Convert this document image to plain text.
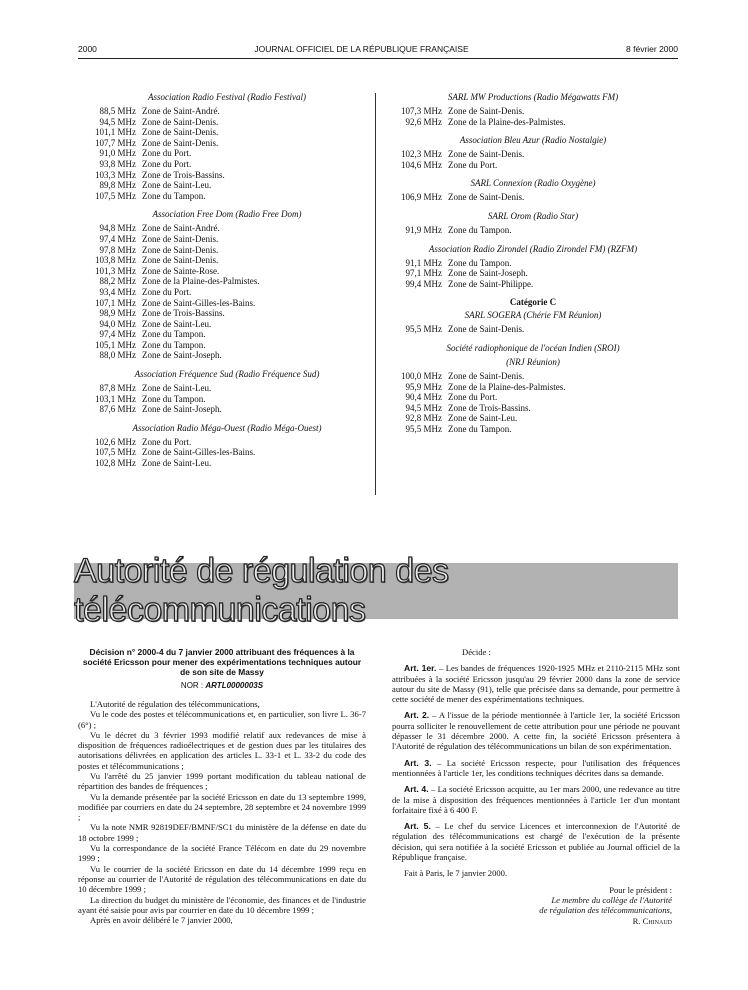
2000	JOURNAL OFFICIEL DE LA RÉPUBLIQUE FRANÇAISE	8 février 2000
Association Radio Festival (Radio Festival)
88,5 MHz Zone de Saint-André.
94,5 MHz Zone de Saint-Denis.
101,1 MHz Zone de Saint-Denis.
107,7 MHz Zone de Saint-Denis.
91,0 MHz Zone du Port.
93,8 MHz Zone du Port.
103,3 MHz Zone de Trois-Bassins.
89,8 MHz Zone de Saint-Leu.
107,5 MHz Zone du Tampon.
Association Free Dom (Radio Free Dom)
94,8 MHz Zone de Saint-André.
97,4 MHz Zone de Saint-Denis.
97,8 MHz Zone de Saint-Denis.
103,8 MHz Zone de Saint-Denis.
101,3 MHz Zone de Sainte-Rose.
88,2 MHz Zone de la Plaine-des-Palmistes.
93,4 MHz Zone du Port.
107,1 MHz Zone de Saint-Gilles-les-Bains.
98,9 MHz Zone de Trois-Bassins.
94,0 MHz Zone de Saint-Leu.
97,4 MHz Zone du Tampon.
105,1 MHz Zone du Tampon.
88,0 MHz Zone de Saint-Joseph.
Association Fréquence Sud (Radio Fréquence Sud)
87,8 MHz Zone de Saint-Leu.
103,1 MHz Zone du Tampon.
87,6 MHz Zone de Saint-Joseph.
Association Radio Méga-Ouest (Radio Méga-Ouest)
102,6 MHz Zone du Port.
107,5 MHz Zone de Saint-Gilles-les-Bains.
102,8 MHz Zone de Saint-Leu.
SARL MW Productions (Radio Mégawatts FM)
107,3 MHz Zone de Saint-Denis.
92,6 MHz Zone de la Plaine-des-Palmistes.
Association Bleu Azur (Radio Nostalgie)
102,3 MHz Zone de Saint-Denis.
104,6 MHz Zone du Port.
SARL Connexion (Radio Oxygène)
106,9 MHz Zone de Saint-Denis.
SARL Orom (Radio Star)
91,9 MHz Zone du Tampon.
Association Radio Zirondel (Radio Zirondel FM) (RZFM)
91,1 MHz Zone du Tampon.
97,1 MHz Zone de Saint-Joseph.
99,4 MHz Zone de Saint-Philippe.
Catégorie C
SARL SOGERA (Chérie FM Réunion)
95,5 MHz Zone de Saint-Denis.
Société radiophonique de l'océan Indien (SROI)
(NRJ Réunion)
100,0 MHz Zone de Saint-Denis.
95,9 MHz Zone de la Plaine-des-Palmistes.
90,4 MHz Zone du Port.
94,5 MHz Zone de Trois-Bassins.
92,8 MHz Zone de Saint-Leu.
95,5 MHz Zone du Tampon.
Autorité de régulation des télécommunications
Décision n° 2000-4 du 7 janvier 2000 attribuant des fréquences à la société Ericsson pour mener des expérimentations techniques autour de son site de Massy
NOR : ARTL0000003S

L'Autorité de régulation des télécommunications,

Vu le code des postes et télécommunications et, en particulier, son livre L. 36-7 (6°) ;

Vu le décret du 3 février 1993 modifié relatif aux redevances de mise à disposition de fréquences radioélectriques et de gestion dues par les titulaires des autorisations délivrées en application des articles L. 33-1 et L. 33-2 du code des postes et télécommunications ;

Vu l'arrêté du 25 janvier 1999 portant modification du tableau national de répartition des bandes de fréquences ;

Vu la demande présentée par la société Ericsson en date du 13 septembre 1999, modifiée par courriers en date du 24 septembre, 28 septembre et 24 novembre 1999 ;

Vu la note NMR 92819DEF/BMNF/SC1 du ministère de la défense en date du 18 octobre 1999 ;

Vu la correspondance de la société France Télécom en date du 29 novembre 1999 ;

Vu le courrier de la société Ericsson en date du 14 décembre 1999 reçu en réponse au courrier de l'Autorité de régulation des télécommunications en date du 10 décembre 1999 ;

La direction du budget du ministère de l'économie, des finances et de l'industrie ayant été saisie pour avis par courrier en date du 10 décembre 1999 ;

Après en avoir délibéré le 7 janvier 2000,

Décide :

Art. 1er. – Les bandes de fréquences 1920-1925 MHz et 2110-2115 MHz sont attribuées à la société Ericsson jusqu'au 29 février 2000 dans la zone de service autour du site de Massy (91), telle que précisée dans sa demande, pour permettre à cette société de mener des expérimentations techniques.

Art. 2. – A l'issue de la période mentionnée à l'article 1er, la société Ericsson pourra solliciter le renouvellement de cette attribution pour une période ne pouvant dépasser le 31 décembre 2000. A cette fin, la société Ericsson présentera à l'Autorité de régulation des télécommunications un bilan de son expérimentation.

Art. 3. – La société Ericsson respecte, pour l'utilisation des fréquences mentionnées à l'article 1er, les conditions techniques décrites dans sa demande.

Art. 4. – La société Ericsson acquitte, au 1er mars 2000, une redevance au titre de la mise à disposition des fréquences mentionnées à l'article 1er d'un montant forfaitaire fixé à 6 400 F.

Art. 5. – Le chef du service Licences et interconnexion de l'Autorité de régulation des télécommunications est chargé de l'exécution de la présente décision, qui sera notifiée à la société Ericsson et publiée au Journal officiel de la République française.

Fait à Paris, le 7 janvier 2000.
Pour le président :
Le membre du collège de l'Autorité
de régulation des télécommunications,
R. Chinaud
